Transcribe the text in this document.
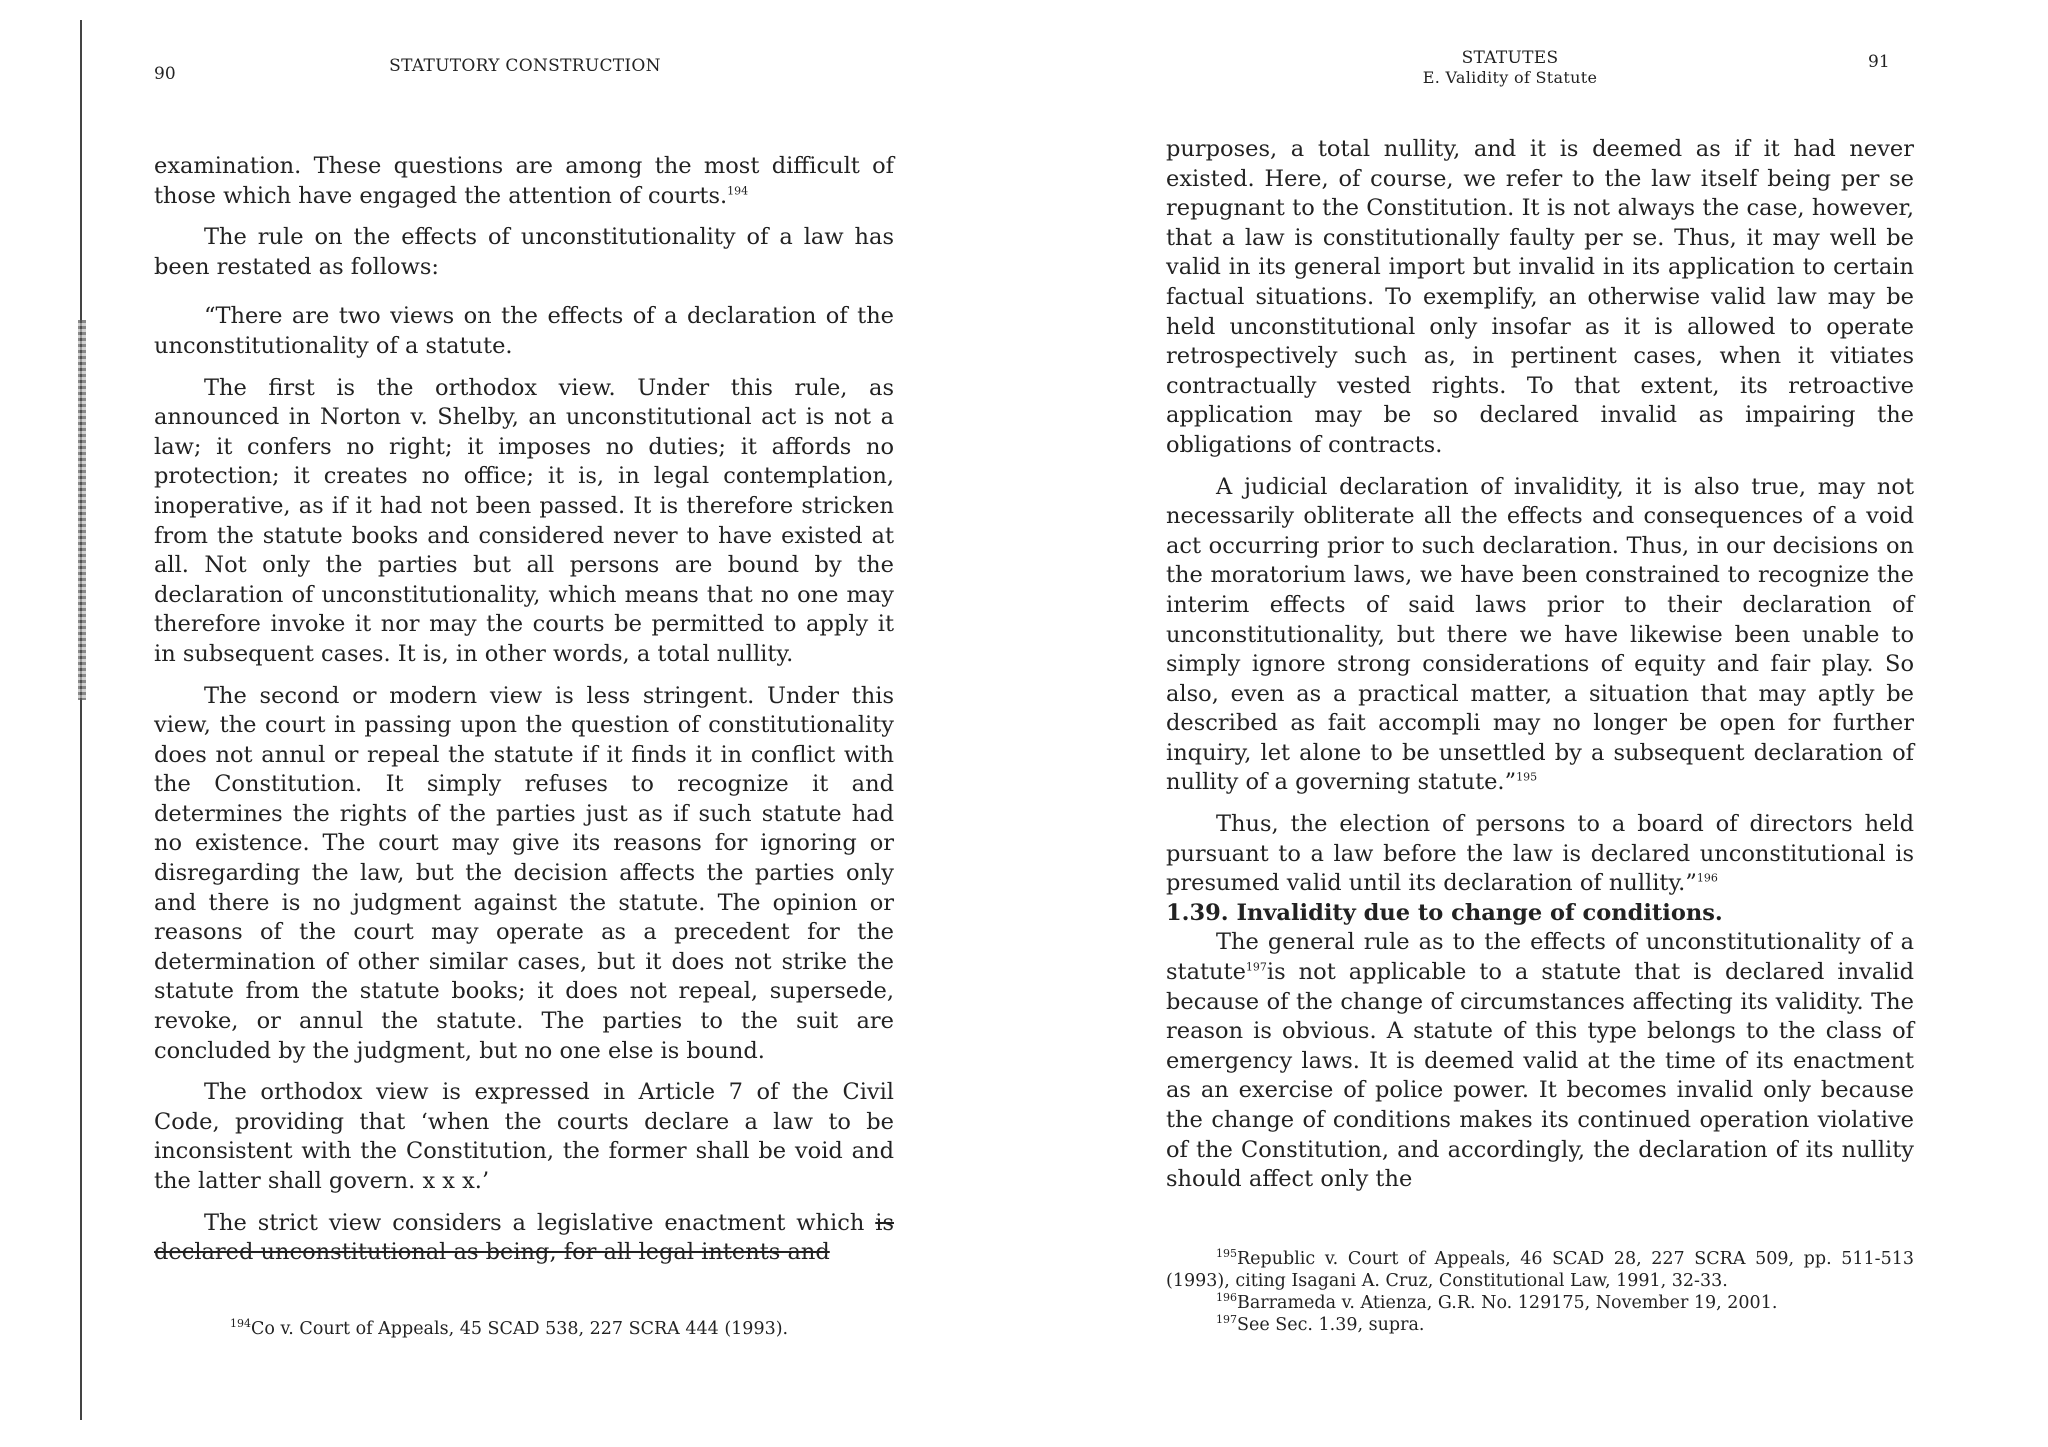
90	STATUTORY CONSTRUCTION

examination. These questions are among the most difficult of those which have engaged the attention of courts.$^{194}$

The rule on the effects of unconstitutionality of a law has been restated as follows:

“There are two views on the effects of a declaration of the unconstitutionality of a statute.

The first is the orthodox view. Under this rule, as announced in Norton v. Shelby, an unconstitutional act is not a law; it confers no right; it imposes no duties; it affords no protection; it creates no office; it is, in legal contemplation, inoperative, as if it had not been passed. It is therefore stricken from the statute books and considered never to have existed at all. Not only the parties but all persons are bound by the declaration of unconstitutionality, which means that no one may therefore invoke it nor may the courts be permitted to apply it in subsequent cases. It is, in other words, a total nullity.

The second or modern view is less stringent. Under this view, the court in passing upon the question of constitutionality does not annul or repeal the statute if it finds it in conflict with the Constitution. It simply refuses to recognize it and determines the rights of the parties just as if such statute had no existence. The court may give its reasons for ignoring or disregarding the law, but the decision affects the parties only and there is no judgment against the statute. The opinion or reasons of the court may operate as a precedent for the determination of other similar cases, but it does not strike the statute from the statute books; it does not repeal, supersede, revoke, or annul the statute. The parties to the suit are concluded by the judgment, but no one else is bound.

The orthodox view is expressed in Article 7 of the Civil Code, providing that ‘when the courts declare a law to be inconsistent with the Constitution, the former shall be void and the latter shall govern. x x x.’

The strict view considers a legislative enactment which is declared unconstitutional as being, for all legal intents and

$^{194}$Co v. Court of Appeals, 45 SCAD 538, 227 SCRA 444 (1993).

STATUTES
E. Validity of Statute
91

purposes, a total nullity, and it is deemed as if it had never existed. Here, of course, we refer to the law itself being per se repugnant to the Constitution. It is not always the case, however, that a law is constitutionally faulty per se. Thus, it may well be valid in its general import but invalid in its application to certain factual situations. To exemplify, an otherwise valid law may be held unconstitutional only insofar as it is allowed to operate retrospectively such as, in pertinent cases, when it vitiates contractually vested rights. To that extent, its retroactive application may be so declared invalid as impairing the obligations of contracts.

A judicial declaration of invalidity, it is also true, may not necessarily obliterate all the effects and consequences of a void act occurring prior to such declaration. Thus, in our decisions on the moratorium laws, we have been constrained to recognize the interim effects of said laws prior to their declaration of unconstitutionality, but there we have likewise been unable to simply ignore strong considerations of equity and fair play. So also, even as a practical matter, a situation that may aptly be described as fait accompli may no longer be open for further inquiry, let alone to be unsettled by a subsequent declaration of nullity of a governing statute.”$^{195}$

Thus, the election of persons to a board of directors held pursuant to a law before the law is declared unconstitutional is presumed valid until its declaration of nullity.”$^{196}$

1.39. Invalidity due to change of conditions.

The general rule as to the effects of unconstitutionality of a statute$^{197}$is not applicable to a statute that is declared invalid because of the change of circumstances affecting its validity. The reason is obvious. A statute of this type belongs to the class of emergency laws. It is deemed valid at the time of its enactment as an exercise of police power. It becomes invalid only because the change of conditions makes its continued operation violative of the Constitution, and accordingly, the declaration of its nullity should affect only the

$^{195}$Republic v. Court of Appeals, 46 SCAD 28, 227 SCRA 509, pp. 511-513 (1993), citing Isagani A. Cruz, Constitutional Law, 1991, 32-33.

$^{196}$Barrameda v. Atienza, G.R. No. 129175, November 19, 2001.

$^{197}$See Sec. 1.39, supra.
